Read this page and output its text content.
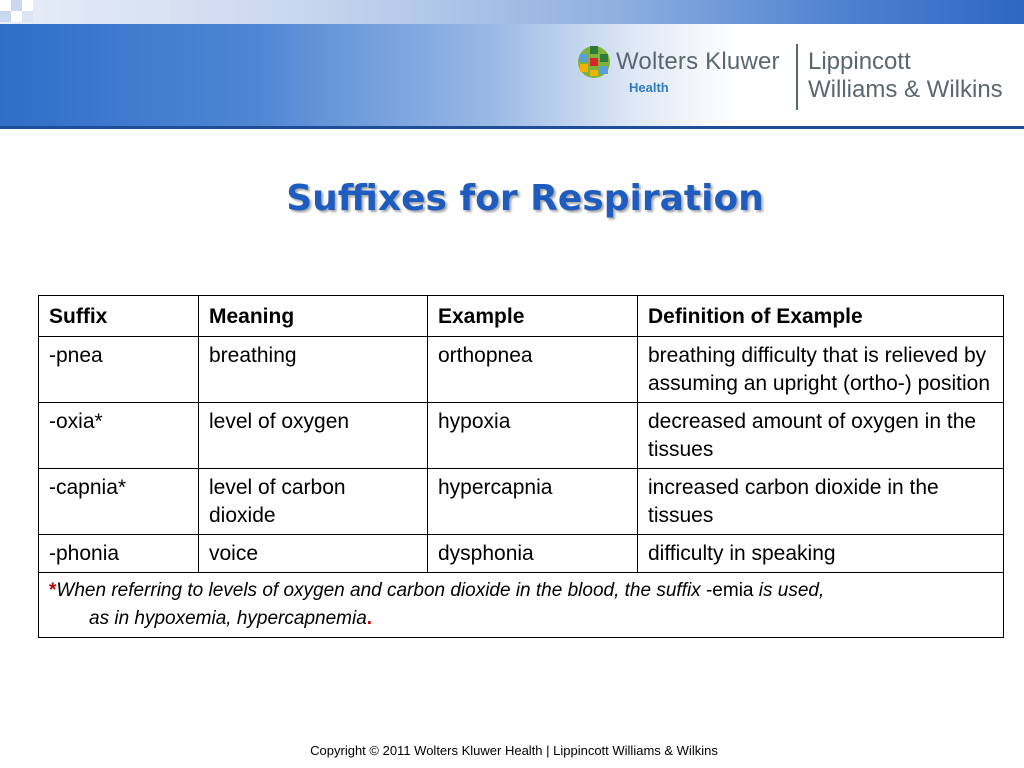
Wolters Kluwer
Health
Lippincott
Williams & Wilkins
Suffixes for Respiration
Suffix	Meaning	Example	Definition of Example
-pnea	breathing	orthopnea	breathing difficulty that is relieved by assuming an upright (ortho-) position
-oxia*	level of oxygen	hypoxia	decreased amount of oxygen in the tissues
-capnia*	level of carbon dioxide	hypercapnia	increased carbon dioxide in the tissues
-phonia	voice	dysphonia	difficulty in speaking
*When referring to levels of oxygen and carbon dioxide in the blood, the suffix -emia is used,
as in hypoxemia, hypercapnemia.			
Copyright © 2011 Wolters Kluwer Health | Lippincott Williams & Wilkins
